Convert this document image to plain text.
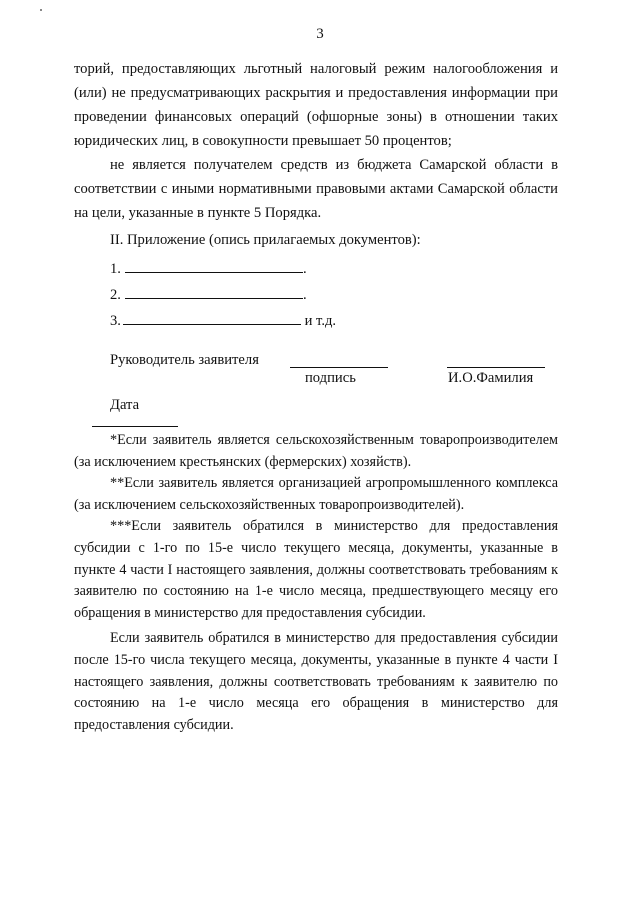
3

торий, предоставляющих льготный налоговый режим налогообложения и (или) не предусматривающих раскрытия и предоставления информации при проведении финансовых операций (офшорные зоны) в отношении таких юридических лиц, в совокупности превышает 50 процентов;

не является получателем средств из бюджета Самарской области в соответствии с иными нормативными правовыми актами Самарской области на цели, указанные в пункте 5 Порядка.

II. Приложение (опись прилагаемых документов):
1.	.
2.	.
3.	и т.д.
Руководитель заявителя
подпись	И.О.Фамилия
Дата

*Если заявитель является сельскохозяйственным товаропроизводителем (за исключением крестьянских (фермерских) хозяйств).

**Если заявитель является организацией агропромышленного комплекса (за исключением сельскохозяйственных товаропроизводителей).

***Если заявитель обратился в министерство для предоставления субсидии с 1-го по 15-е число текущего месяца, документы, указанные в пункте 4 части I настоящего заявления, должны соответствовать требованиям к заявителю по состоянию на 1-е число месяца, предшествующего месяцу его обращения в министерство для предоставления субсидии.

Если заявитель обратился в министерство для предоставления субсидии после 15-го числа текущего месяца, документы, указанные в пункте 4 части I настоящего заявления, должны соответствовать требованиям к заявителю по состоянию на 1-е число месяца его обращения в министерство для предоставления субсидии.
